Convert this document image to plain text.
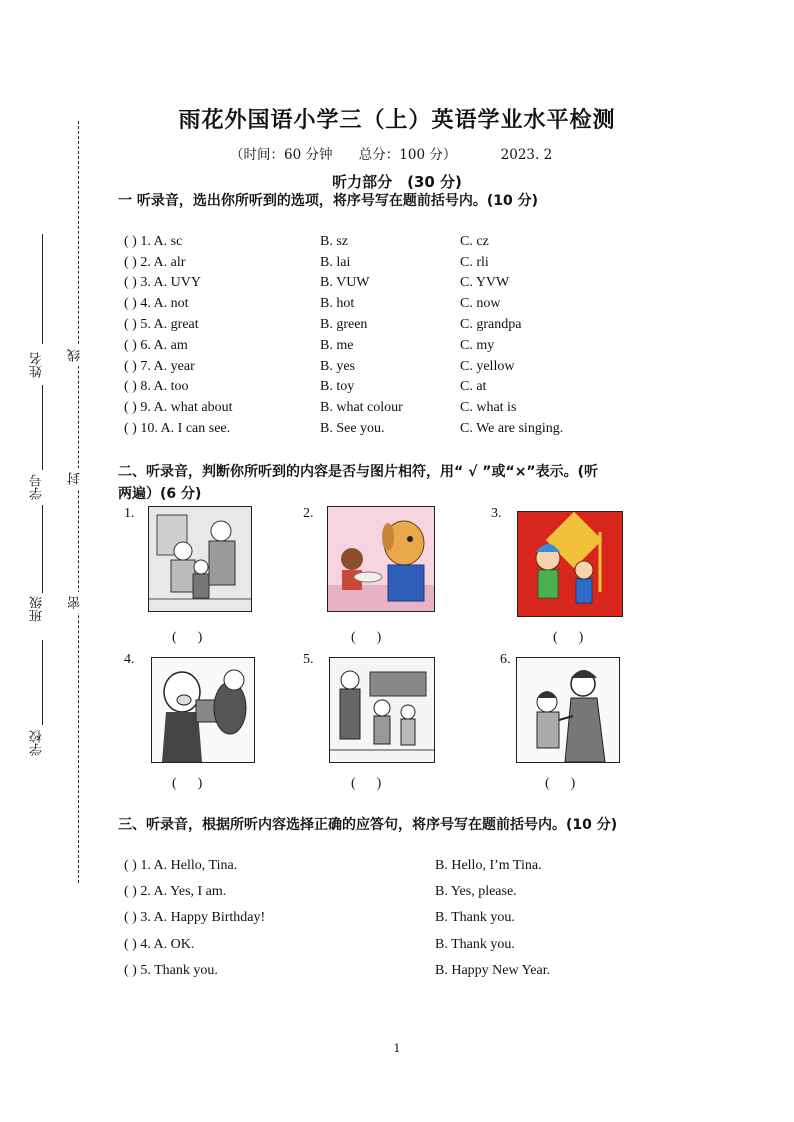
雨花外国语小学三（上）英语学业水平检测
（时间：60 分钟 总分：100 分）	2023. 2
听力部分　(30 分)
线
封
密
姓名
学号
班级
学校
一 听录音，选出你所听到的选项，将序号写在题前括号内。(10 分)
( ) 1. A. sc	B. sz	C. cz
( ) 2. A. alr	B. lai	C. rli
( ) 3. A. UVY	B. VUW	C. YVW
( ) 4. A. not	B. hot	C. now
( ) 5. A. great	B. green	C. grandpa
( ) 6. A. am	B. me	C. my
( ) 7. A. year	B. yes	C. yellow
( ) 8. A. too	B. toy	C. at
( ) 9. A. what about	B. what colour	C. what is
( ) 10. A. I can see.	B. See you.	C. We are singing.
二、听录音，判断你所听到的内容是否与图片相符，用“ √ ”或“×”表示。(听
两遍）(6 分)
1.
(      )
2.
(      )
3.
(      )
4.
(      )
5.
(      )
6.
(      )
三、听录音，根据所听内容选择正确的应答句，将序号写在题前括号内。(10 分)
( ) 1. A. Hello, Tina.	B. Hello, I’m Tina.
( ) 2. A. Yes, I am.	B. Yes, please.
( ) 3. A. Happy Birthday!	B. Thank you.
( ) 4. A. OK.	B. Thank you.
( ) 5. Thank you.	B. Happy New Year.
1
